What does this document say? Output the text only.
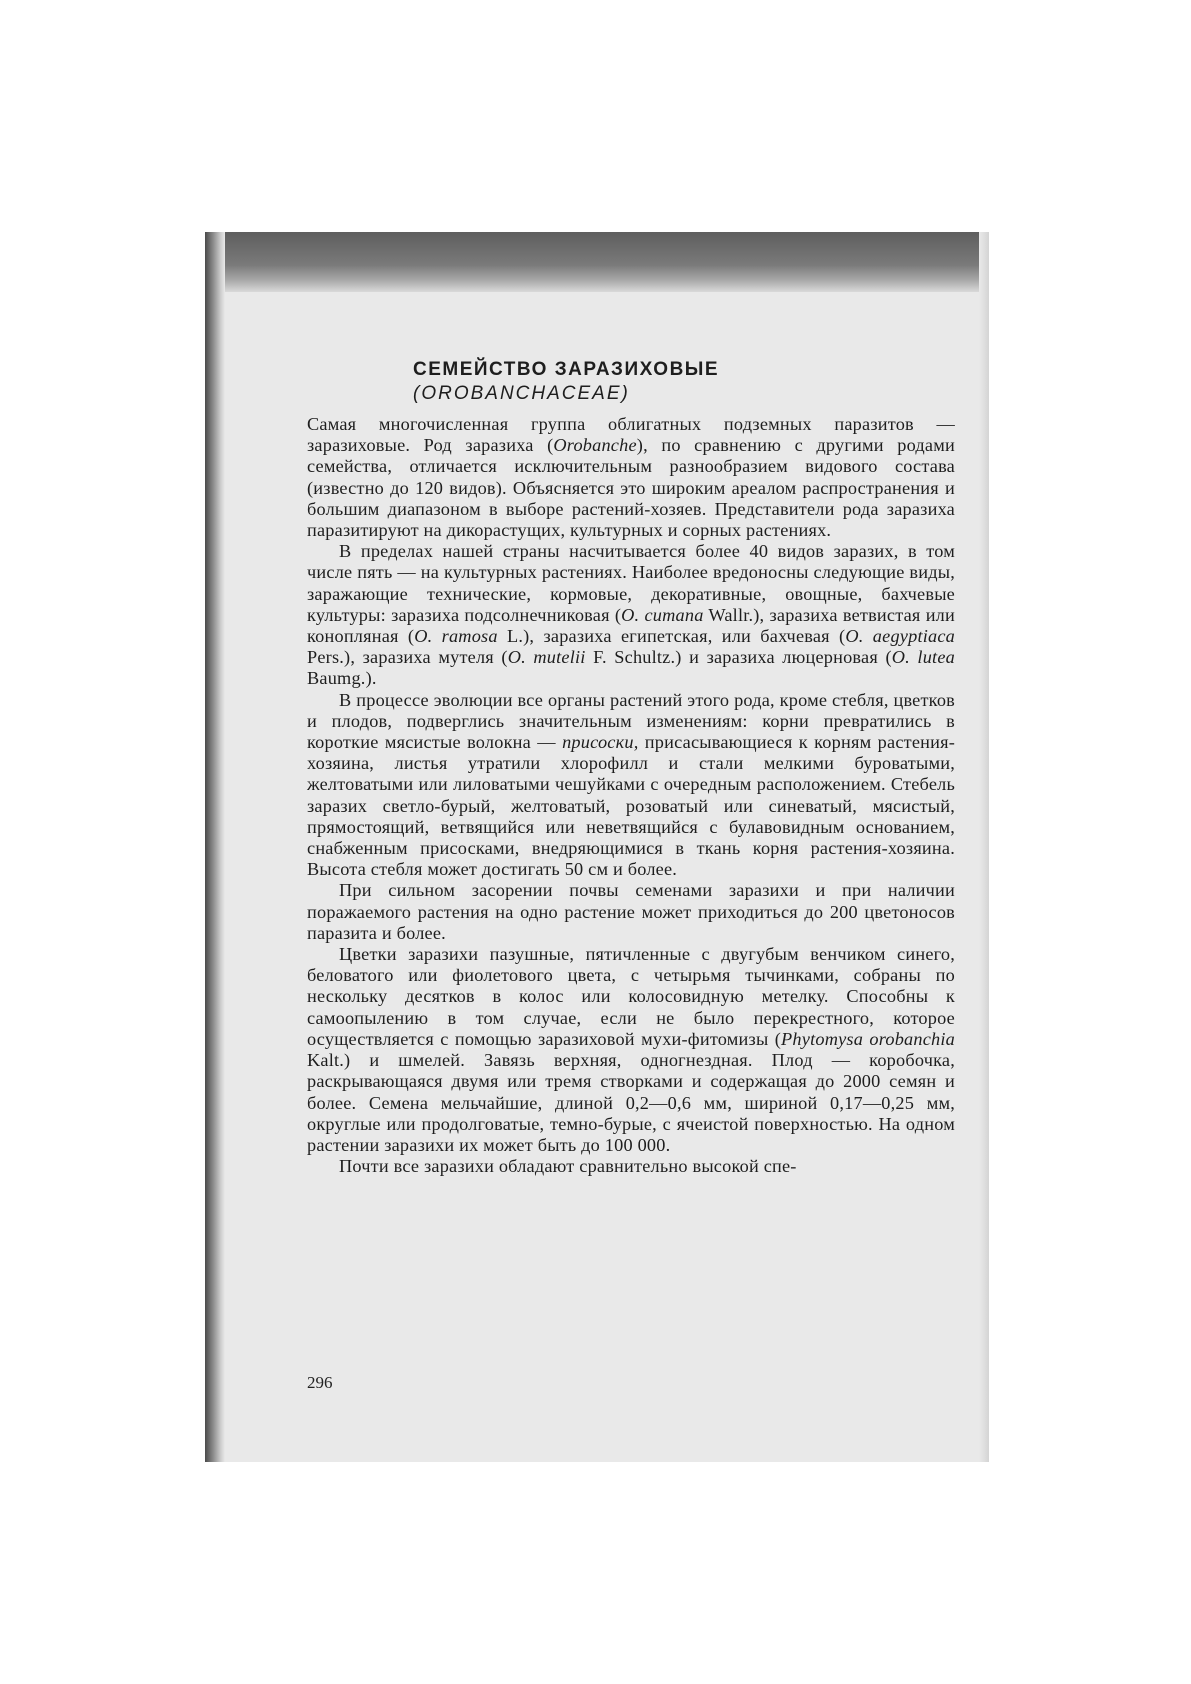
СЕМЕЙСТВО ЗАРАЗИХОВЫЕ
(OROBANCHACEAE)

Самая многочисленная группа облигатных подземных паразитов — заразиховые. Род заразиха (Orobanche), по сравнению с другими родами семейства, отличается исключительным разнообразием видового состава (известно до 120 видов). Объясняется это широким ареалом распространения и большим диапазоном в выборе растений-хозяев. Представители рода заразиха паразитируют на дикорастущих, культурных и сорных растениях.

В пределах нашей страны насчитывается более 40 видов заразих, в том числе пять — на культурных растениях. Наиболее вредоносны следующие виды, заражающие технические, кормовые, декоративные, овощные, бахчевые культуры: заразиха подсолнечниковая (O. cumana Wallr.), заразиха ветвистая или конопляная (O. ramosa L.), заразиха египетская, или бахчевая (O. aegyptiaca Pers.), заразиха мутеля (O. mutelii F. Schultz.) и заразиха люцерновая (O. lutea Baumg.).

В процессе эволюции все органы растений этого рода, кроме стебля, цветков и плодов, подверглись значительным изменениям: корни превратились в короткие мясистые волокна — присоски, присасывающиеся к корням растения-хозяина, листья утратили хлорофилл и стали мелкими буроватыми, желтоватыми или лиловатыми чешуйками с очередным расположением. Стебель заразих светло-бурый, желтоватый, розоватый или синеватый, мясистый, прямостоящий, ветвящийся или неветвящийся с булавовидным основанием, снабженным присосками, внедряющимися в ткань корня растения-хозяина. Высота стебля может достигать 50 см и более.

При сильном засорении почвы семенами заразихи и при наличии поражаемого растения на одно растение может приходиться до 200 цветоносов паразита и более.

Цветки заразихи пазушные, пятичленные с двугубым венчиком синего, беловатого или фиолетового цвета, с четырьмя тычинками, собраны по нескольку десятков в колос или колосовидную метелку. Способны к самоопылению в том случае, если не было перекрестного, которое осуществляется с помощью заразиховой мухи-фитомизы (Phytomysa orobanchia Kalt.) и шмелей. Завязь верхняя, одногнездная. Плод — коробочка, раскрывающаяся двумя или тремя створками и содержащая до 2000 семян и более. Семена мельчайшие, длиной 0,2—0,6 мм, шириной 0,17—0,25 мм, округлые или продолговатые, темно-бурые, с ячеистой поверхностью. На одном растении заразихи их может быть до 100 000.

Почти все заразихи обладают сравнительно высокой спе-

296
